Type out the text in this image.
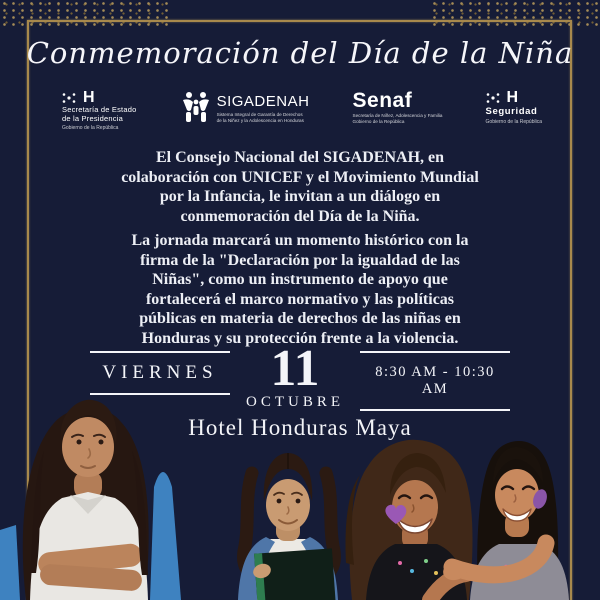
Conmemoración del Día de la Niña
H
Secretaría de Estado
de la Presidencia
Gobierno de la República
SIGADENAH
Sistema Integral de Garantía de Derechos
de la Niñez y la Adolescencia en Honduras
Senaf
Secretaría de Niñez, Adolescencia y Familia
Gobierno de la República
H
Seguridad
Gobierno de la República
El Consejo Nacional del SIGADENAH, en
colaboración con UNICEF y el Movimiento Mundial
por la Infancia, le invitan a un diálogo en
conmemoración del Día de la Niña.
La jornada marcará un momento histórico con la
firma de la "Declaración por la igualdad de las
Niñas", como un instrumento de apoyo que
fortalecerá el marco normativo y las políticas
públicas en materia de derechos de las niñas en
Honduras y su protección frente a la violencia.
VIERNES	11
OCTUBRE
8:30 AM - 10:30 AM
Hotel Honduras Maya
